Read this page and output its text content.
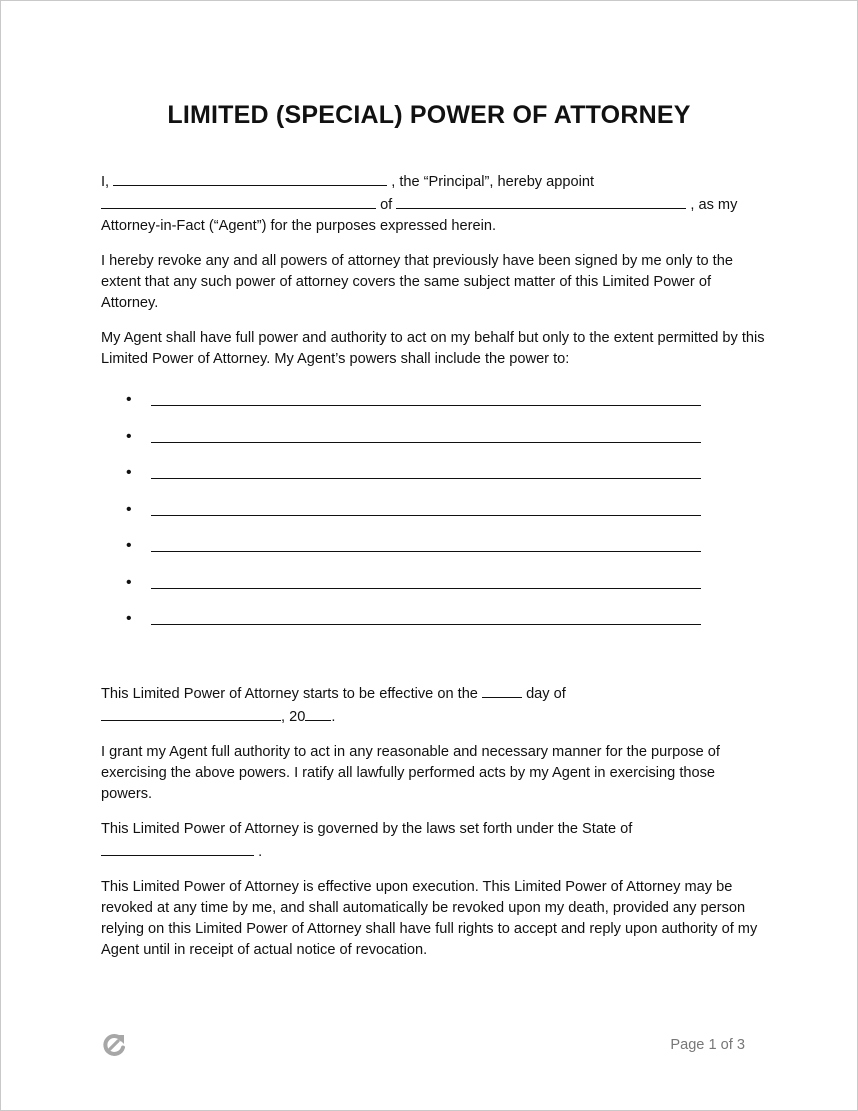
LIMITED (SPECIAL) POWER OF ATTORNEY

I,	, the “Principal”, hereby appoint
of	, as my
Attorney-in-Fact (“Agent”) for the purposes expressed herein.

I hereby revoke any and all powers of attorney that previously have been signed by me only to the extent that any such power of attorney covers the same subject matter of this Limited Power of Attorney.

My Agent shall have full power and authority to act on my behalf but only to the extent permitted by this Limited Power of Attorney. My Agent’s powers shall include the power to:

•
•
•
•
•
•
•

This Limited Power of Attorney starts to be effective on the	day of
, 20 .

I grant my Agent full authority to act in any reasonable and necessary manner for the purpose of exercising the above powers. I ratify all lawfully performed acts by my Agent in exercising those powers.

This Limited Power of Attorney is governed by the laws set forth under the State of
.

This Limited Power of Attorney is effective upon execution. This Limited Power of Attorney may be revoked at any time by me, and shall automatically be revoked upon my death, provided any person relying on this Limited Power of Attorney shall have full rights to accept and reply upon authority of my Agent until in receipt of actual notice of revocation.

Page 1 of 3
